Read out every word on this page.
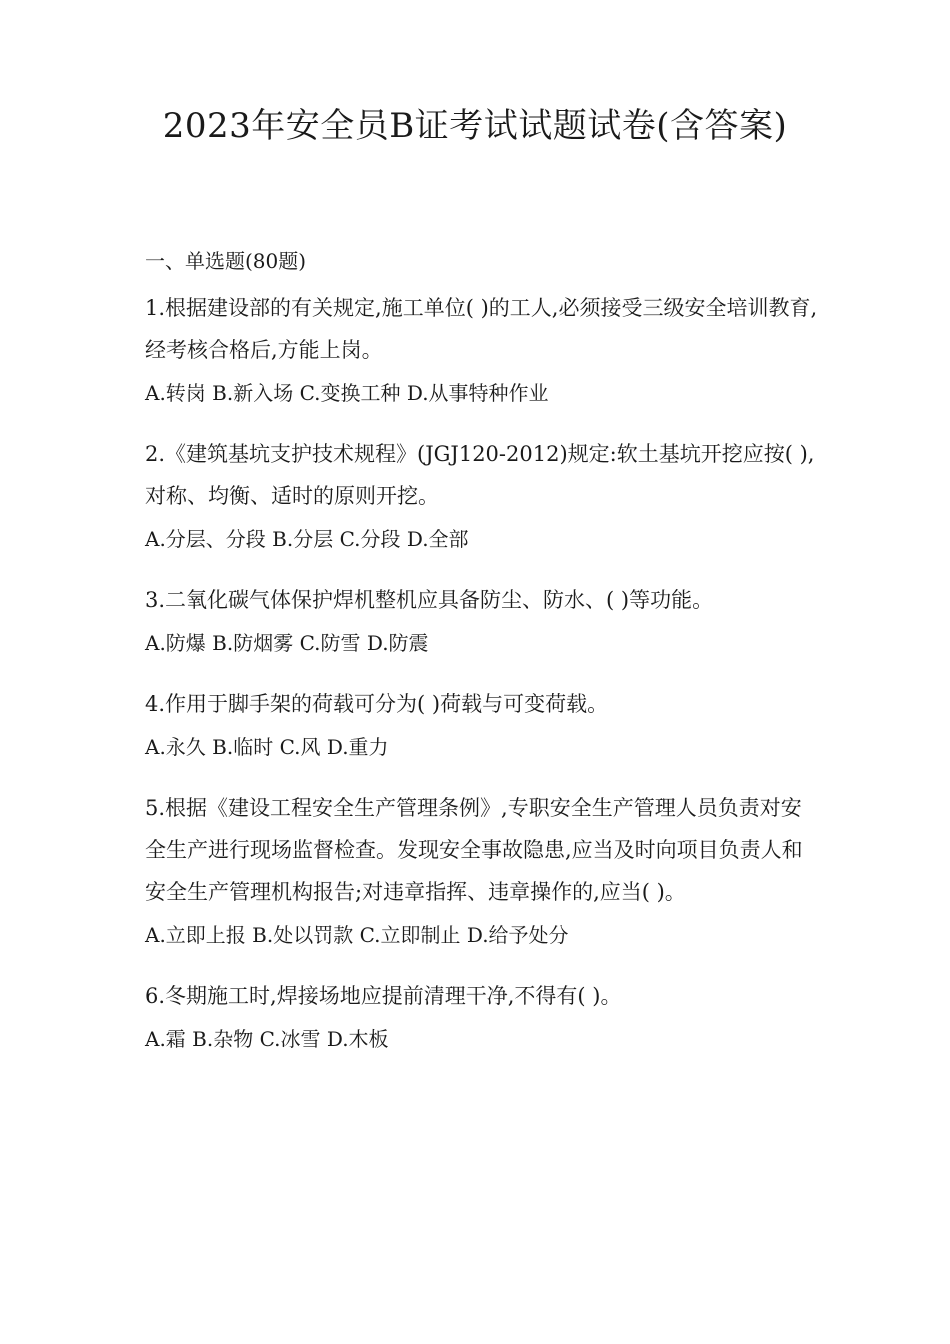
2023年安全员B证考试试题试卷(含答案)
一、单选题(80题)

1.根据建设部的有关规定,施工单位( )的工人,必须接受三级安全培训教育,经考核合格后,方能上岗。

A.转岗 B.新入场 C.变换工种 D.从事特种作业

2.《建筑基坑支护技术规程》(JGJ120-2012)规定:软土基坑开挖应按( ),对称、均衡、适时的原则开挖。

A.分层、分段 B.分层 C.分段 D.全部

3.二氧化碳气体保护焊机整机应具备防尘、防水、( )等功能。

A.防爆 B.防烟雾 C.防雪 D.防震

4.作用于脚手架的荷载可分为( )荷载与可变荷载。

A.永久 B.临时 C.风 D.重力

5.根据《建设工程安全生产管理条例》,专职安全生产管理人员负责对安全生产进行现场监督检查。发现安全事故隐患,应当及时向项目负责人和安全生产管理机构报告;对违章指挥、违章操作的,应当( )。

A.立即上报 B.处以罚款 C.立即制止 D.给予处分

6.冬期施工时,焊接场地应提前清理干净,不得有( )。

A.霜 B.杂物 C.冰雪 D.木板
